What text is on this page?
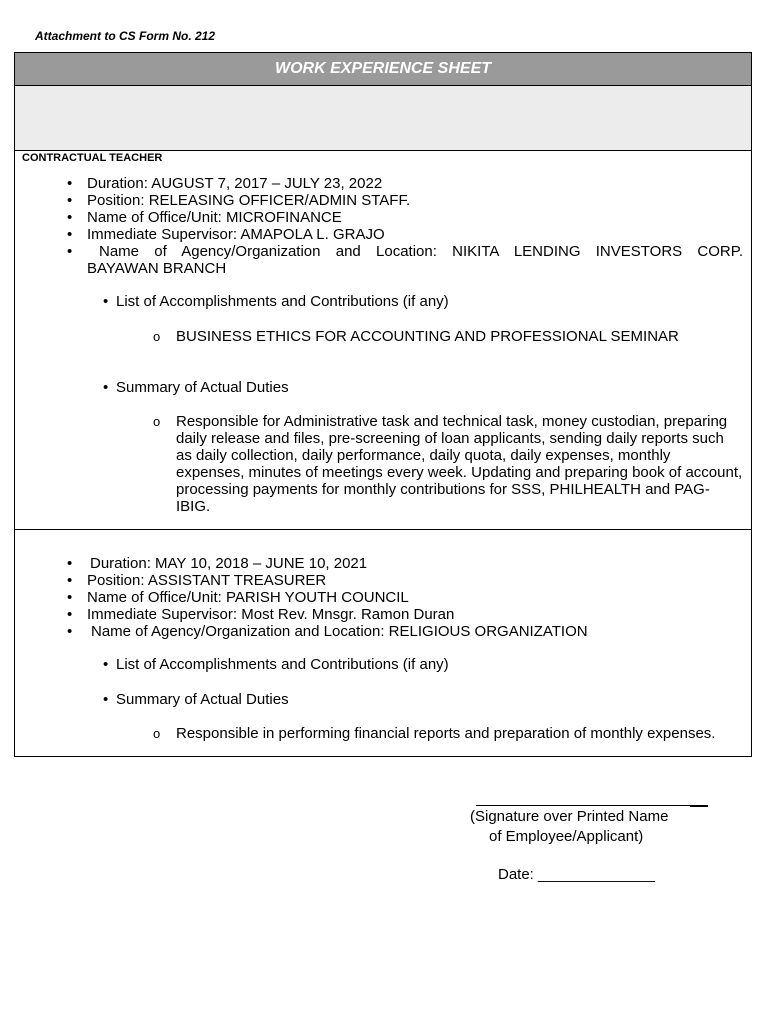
Attachment to CS Form No. 212
WORK EXPERIENCE SHEET
CONTRACTUAL TEACHER
• Duration: AUGUST 7, 2017 – JULY 23, 2022
• Position: RELEASING OFFICER/ADMIN STAFF.
• Name of Office/Unit: MICROFINANCE
• Immediate Supervisor: AMAPOLA L. GRAJO
• Name of Agency/Organization and Location: NIKITA LENDING INVESTORS CORP.
BAYAWAN BRANCH
• List of Accomplishments and Contributions (if any)
o BUSINESS ETHICS FOR ACCOUNTING AND PROFESSIONAL SEMINAR
• Summary of Actual Duties
o Responsible for Administrative task and technical task, money custodian, preparing
daily release and files, pre-screening of loan applicants, sending daily reports such
as daily collection, daily performance, daily quota, daily expenses, monthly
expenses, minutes of meetings every week. Updating and preparing book of account,
processing payments for monthly contributions for SSS, PHILHEALTH and PAG-
IBIG.
• Duration: MAY 10, 2018 – JUNE 10, 2021
• Position: ASSISTANT TREASURER
• Name of Office/Unit: PARISH YOUTH COUNCIL
• Immediate Supervisor: Most Rev. Mnsgr. Ramon Duran
• Name of Agency/Organization and Location: RELIGIOUS ORGANIZATION
• List of Accomplishments and Contributions (if any)
• Summary of Actual Duties
o Responsible in performing financial reports and preparation of monthly expenses.
(Signature over Printed Name
of Employee/Applicant)
Date: ______________
